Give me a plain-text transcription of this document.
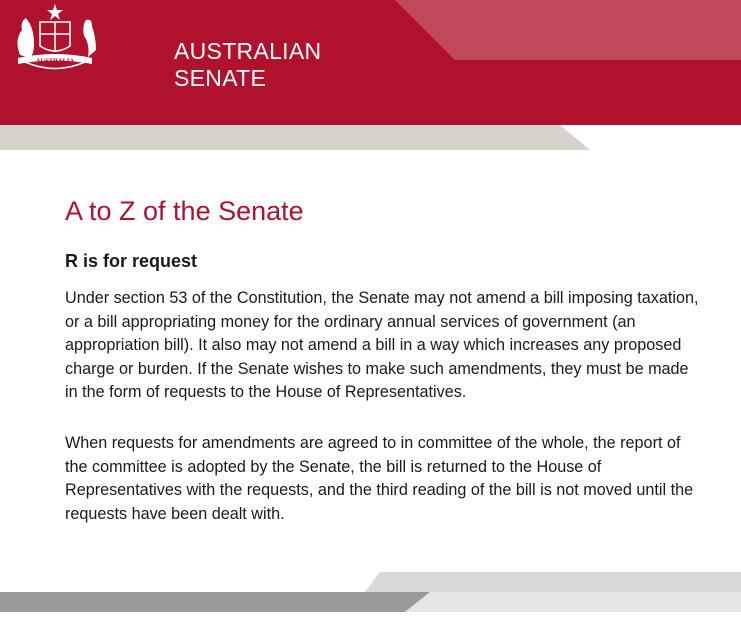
AUSTRALIA	AUSTRALIAN
SENATE
A to Z of the Senate
R is for request

Under section 53 of the Constitution, the Senate may not amend a bill imposing taxation, or a bill appropriating money for the ordinary annual services of government (an appropriation bill). It also may not amend a bill in a way which increases any proposed charge or burden. If the Senate wishes to make such amendments, they must be made in the form of requests to the House of Representatives.

When requests for amendments are agreed to in committee of the whole, the report of the committee is adopted by the Senate, the bill is returned to the House of Representatives with the requests, and the third reading of the bill is not moved until the requests have been dealt with.
